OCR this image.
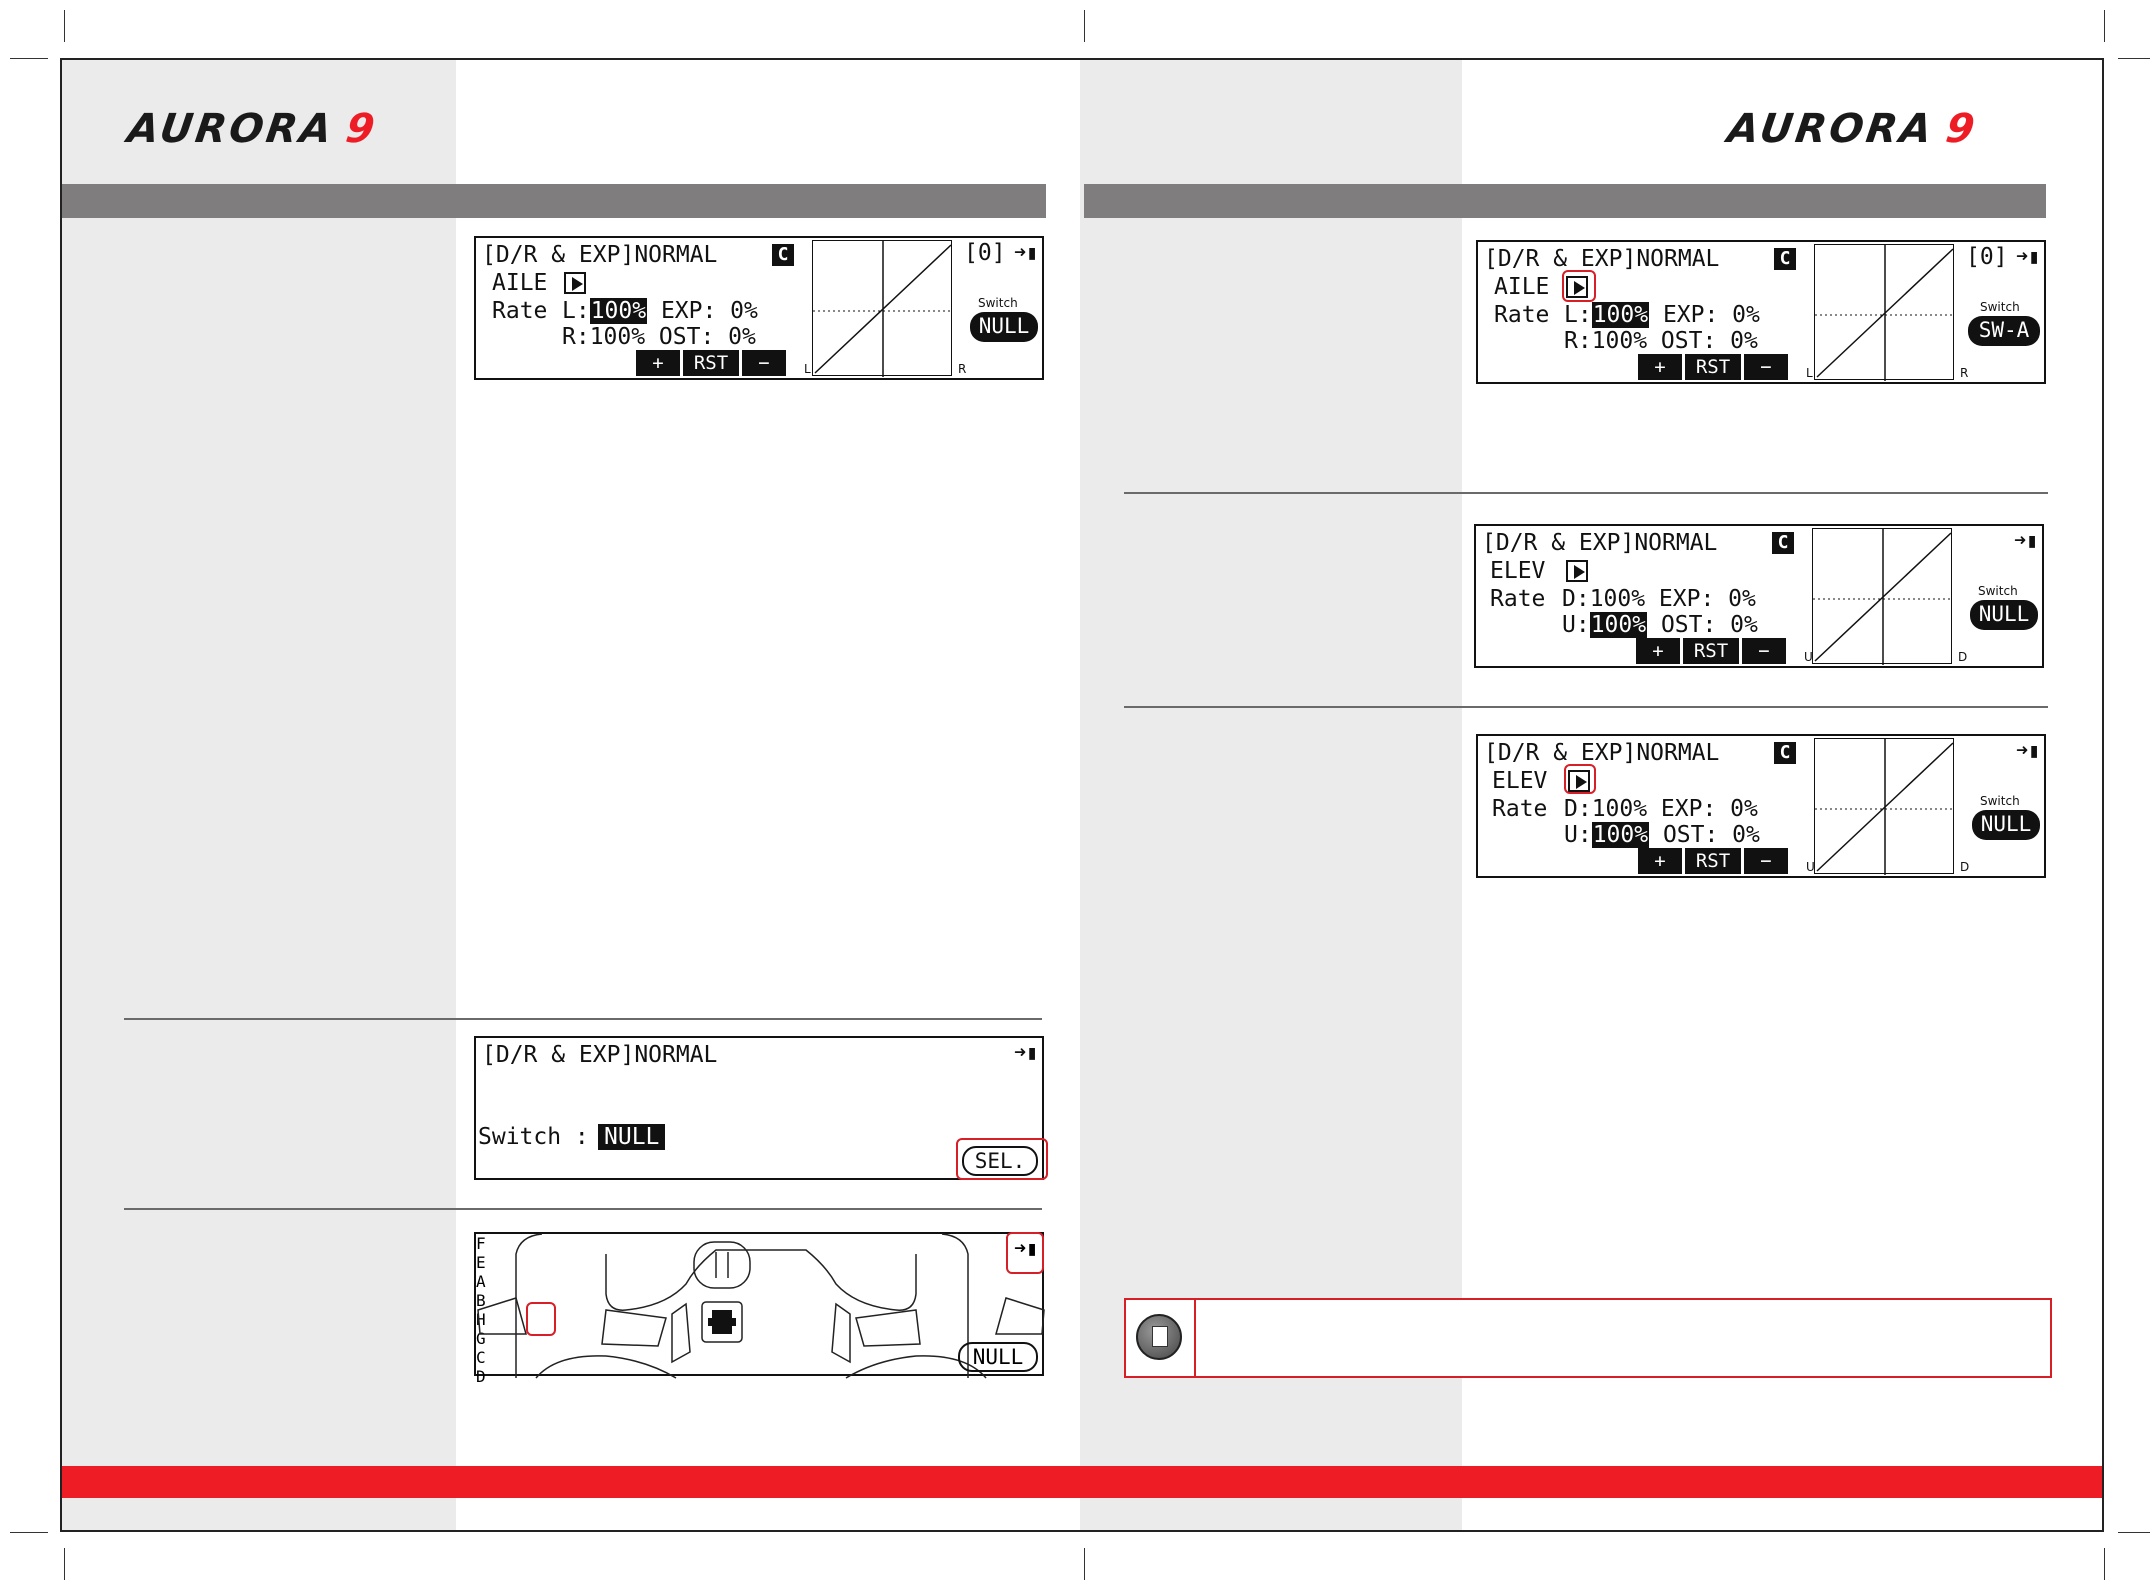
AURORA 9	AURORA 9
[D/R & EXP]NORMAL	C
AILE
Rate L:100% EXP: 0%
R:100% OST: 0%
+	RST	−	L	R
[0] ➜▮
Switch
NULL
[D/R & EXP]NORMAL	➜▮
Switch : NULL
SEL.
F
E
A
B
H
G
C
D
➜▮
NULL
[D/R & EXP]NORMAL	C
AILE
Rate L:100% EXP: 0%
R:100% OST: 0%
+	RST	−	L	R
[0] ➜▮
Switch
SW-A
[D/R & EXP]NORMAL	C
ELEV
Rate D:100% EXP: 0%
U:100% OST: 0%
+	RST	−	U	D
➜▮
Switch
NULL
[D/R & EXP]NORMAL	C
ELEV
Rate D:100% EXP: 0%
U:100% OST: 0%
+	RST	−	U	D
➜▮
Switch
NULL
